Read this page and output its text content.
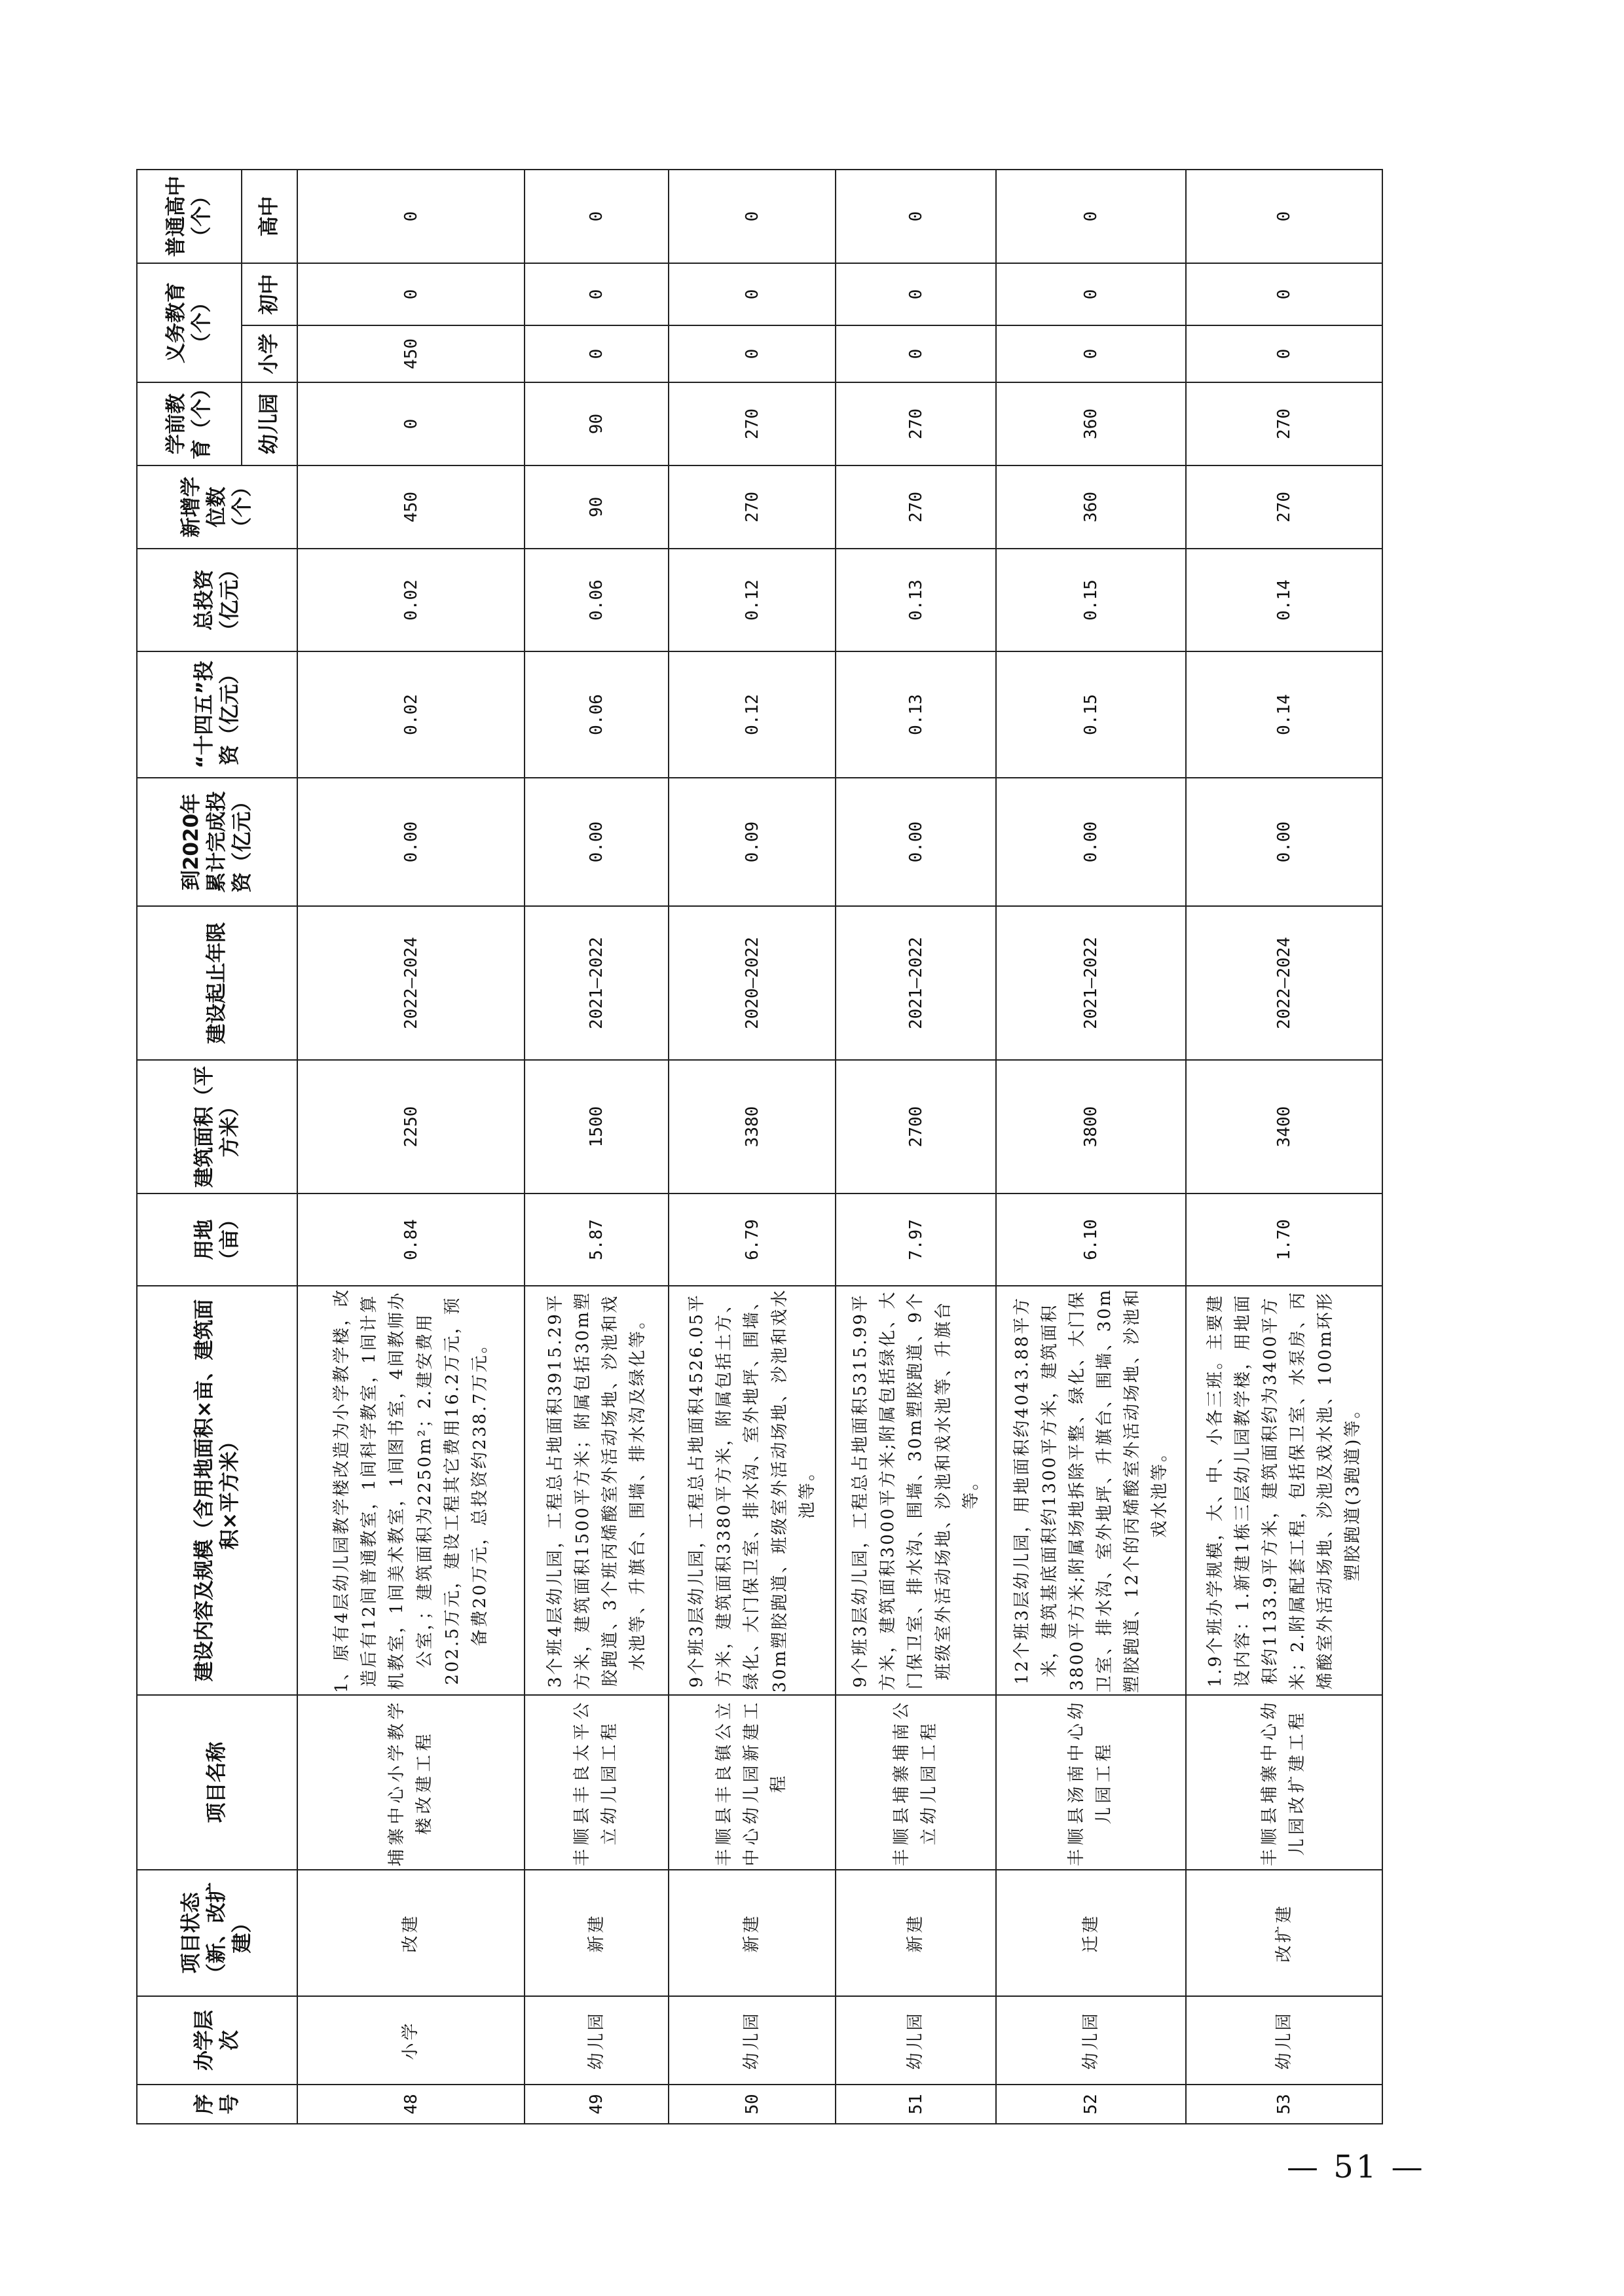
序号	办学层次	项目状态（新、改扩建）	项目名称	建设内容及规模（含用地面积×亩、建筑面积×平方米）	用地（亩）	建筑面积（平方米）	建设起止年限	到2020年累计完成投资（亿元）	“十四五”投资（亿元）	总投资（亿元）	新增学位数（个）	学前教育（个）	义务教育（个）		普通高中（个）
												幼儿园	小学	初中	高中
48	小学	改建	埔寨中心小学教学楼改建工程	1、原有4层幼儿园教学楼改造为小学教学楼，改造后有12间普通教室，1间科学教室，1间计算机教室，1间美术教室，1间图书室，4间教师办公室，；建筑面积为2250m²；2.建安费用202.5万元，建设工程其它费用16.2万元，预备费20万元，总投资约238.7万元。	0.84	2250	2022—2024	0.00	0.02	0.02	450	0	450	0	0
49	幼儿园	新建	丰顺县丰良太平公立幼儿园工程	3个班4层幼儿园，工程总占地面积3915.29平方米，建筑面积1500平方米；附属包括30m塑胶跑道、3个班丙烯酸室外活动场地、沙池和戏水池等、升旗台、围墙、排水沟及绿化等。	5.87	1500	2021—2022	0.00	0.06	0.06	90	90	0	0	0
50	幼儿园	新建	丰顺县丰良镇公立中心幼儿园新建工程	9个班3层幼儿园，工程总占地面积4526.05平方米，建筑面积3380平方米，附属包括土方、绿化、大门保卫室、排水沟、室外地坪、围墙、30m塑胶跑道、班级室外活动场地、沙池和戏水池等。	6.79	3380	2020—2022	0.09	0.12	0.12	270	270	0	0	0
51	幼儿园	新建	丰顺县埔寨埔南公立幼儿园工程	9个班3层幼儿园，工程总占地面积5315.99平方米，建筑面积3000平方米;附属包括绿化、大门保卫室、排水沟、围墙、30m塑胶跑道、9个班级室外活动场地、沙池和戏水池等、升旗台等。	7.97	2700	2021—2022	0.00	0.13	0.13	270	270	0	0	0
52	幼儿园	迁建	丰顺县汤南中心幼儿园工程	12个班3层幼儿园，用地面积约4043.88平方米，建筑基底面积约1300平方米，建筑面积3800平方米;附属场地拆除平整、绿化、大门保卫室、排水沟、室外地坪、升旗台、围墙、30m塑胶跑道、12个的丙烯酸室外活动场地、沙池和戏水池等。	6.10	3800	2021—2022	0.00	0.15	0.15	360	360	0	0	0
53	幼儿园	改扩建	丰顺县埔寨中心幼儿园改扩建工程	1.9个班办学规模，大、中、小各三班。主要建设内容：1.新建1栋三层幼儿园教学楼，用地面积约1133.9平方米，建筑面积约为3400平方米；2.附属配套工程，包括保卫室、水泵房、丙烯酸室外活动场地、沙池及戏水池、100m环形塑胶跑道(3跑道)等。	1.70	3400	2022—2024	0.00	0.14	0.14	270	270	0	0	0
— 51 —
